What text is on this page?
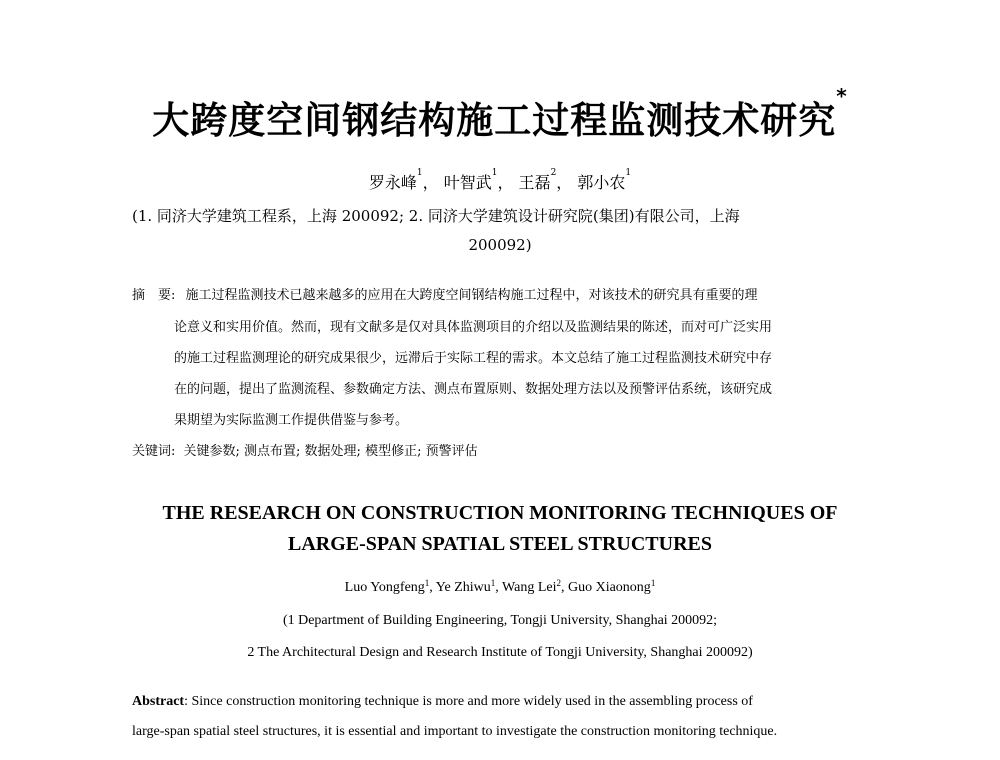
大跨度空间钢结构施工过程监测技术研究*
罗永峰$^1$， 叶智武$^1$， 王磊$^2$， 郭小农$^1$
(1. 同济大学建筑工程系，上海 200092; 2. 同济大学建筑设计研究院(集团)有限公司，上海
200092)
摘　要: 施工过程监测技术已越来越多的应用在大跨度空间钢结构施工过程中，对该技术的研究具有重要的理
论意义和实用价值。然而，现有文献多是仅对具体监测项目的介绍以及监测结果的陈述，而对可广泛实用
的施工过程监测理论的研究成果很少，远滞后于实际工程的需求。本文总结了施工过程监测技术研究中存
在的问题，提出了监测流程、参数确定方法、测点布置原则、数据处理方法以及预警评估系统，该研究成
果期望为实际监测工作提供借鉴与参考。
关键词: 关键参数; 测点布置; 数据处理; 模型修正; 预警评估
THE RESEARCH ON CONSTRUCTION MONITORING TECHNIQUES OF
LARGE-SPAN SPATIAL STEEL STRUCTURES
Luo Yongfeng$^1$, Ye Zhiwu$^1$, Wang Lei$^2$, Guo Xiaonong$^1$
(1 Department of Building Engineering, Tongji University, Shanghai 200092;
2 The Architectural Design and Research Institute of Tongji University, Shanghai 200092)
Abstract: Since construction monitoring technique is more and more widely used in the assembling process of
large-span spatial steel structures, it is essential and important to investigate the construction monitoring technique.
